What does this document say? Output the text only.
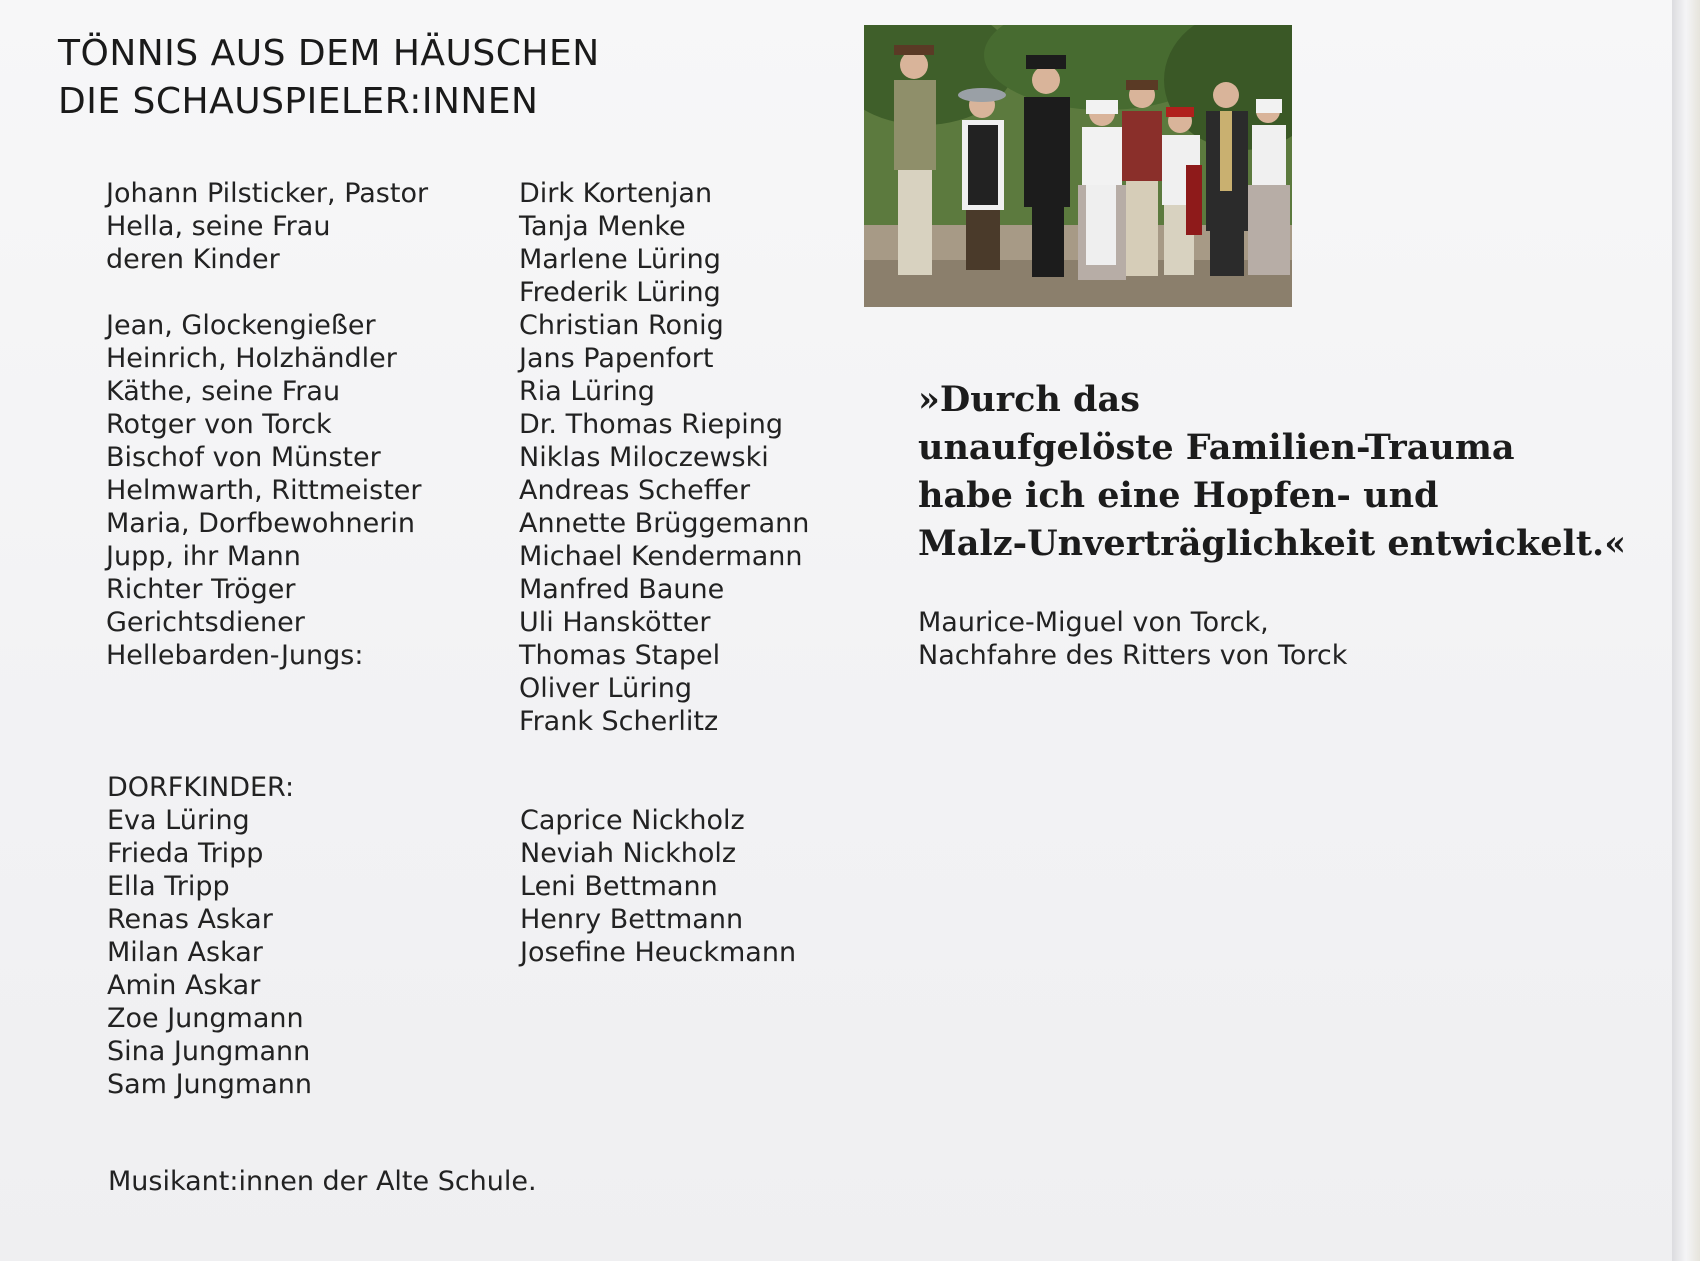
TÖNNIS AUS DEM HÄUSCHEN
DIE SCHAUSPIELER:INNEN
Johann Pilsticker, Pastor
Hella, seine Frau
deren Kinder
Jean, Glockengießer
Heinrich, Holzhändler
Käthe, seine Frau
Rotger von Torck
Bischof von Münster
Helmwarth, Rittmeister
Maria, Dorfbewohnerin
Jupp, ihr Mann
Richter Tröger
Gerichtsdiener
Hellebarden-Jungs:
Dirk Kortenjan
Tanja Menke
Marlene Lüring
Frederik Lüring
Christian Ronig
Jans Papenfort
Ria Lüring
Dr. Thomas Rieping
Niklas Miloczewski
Andreas Scheffer
Annette Brüggemann
Michael Kendermann
Manfred Baune
Uli Hanskötter
Thomas Stapel
Oliver Lüring
Frank Scherlitz
DORFKINDER:
Eva Lüring
Frieda Tripp
Ella Tripp
Renas Askar
Milan Askar
Amin Askar
Zoe Jungmann
Sina Jungmann
Sam Jungmann
Caprice Nickholz
Neviah Nickholz
Leni Bettmann
Henry Bettmann
Josefine Heuckmann
Musikant:innen der Alte Schule.
»Durch das
unaufgelöste Familien-Trauma
habe ich eine Hopfen- und
Malz-Unverträglichkeit entwickelt.«
Maurice-Miguel von Torck,
Nachfahre des Ritters von Torck
